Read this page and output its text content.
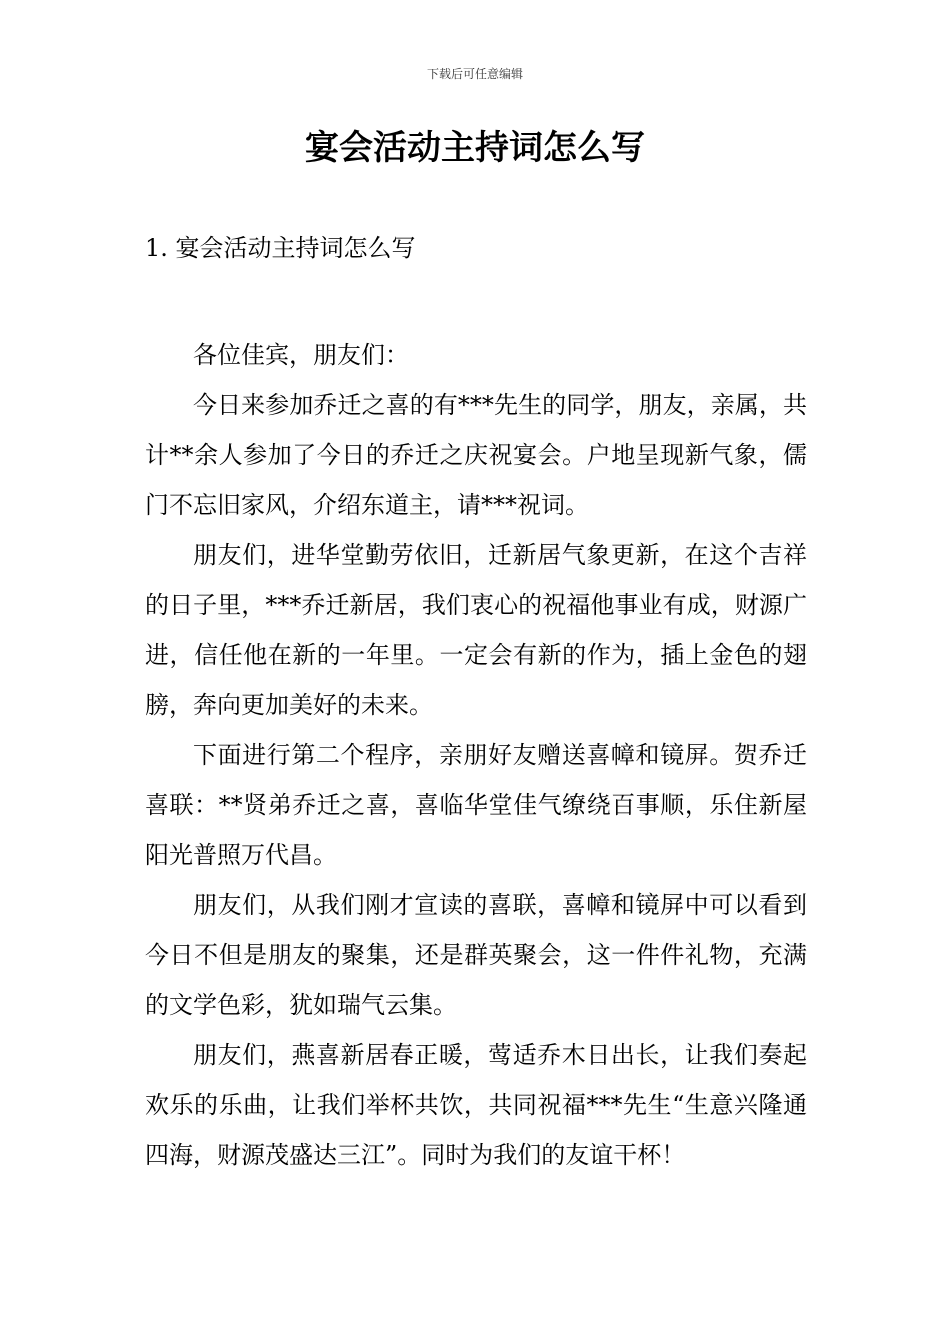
下载后可任意编辑
宴会活动主持词怎么写
1. 宴会活动主持词怎么写

各位佳宾，朋友们：

今日来参加乔迁之喜的有***先生的同学，朋友，亲属，共计**余人参加了今日的乔迁之庆祝宴会。户地呈现新气象，儒门不忘旧家风，介绍东道主，请***祝词。

朋友们，进华堂勤劳依旧，迁新居气象更新，在这个吉祥的日子里，***乔迁新居，我们衷心的祝福他事业有成，财源广进，信任他在新的一年里。一定会有新的作为，插上金色的翅膀，奔向更加美好的未来。

下面进行第二个程序，亲朋好友赠送喜幛和镜屏。贺乔迁喜联：**贤弟乔迁之喜，喜临华堂佳气缭绕百事顺，乐住新屋阳光普照万代昌。

朋友们，从我们刚才宣读的喜联，喜幛和镜屏中可以看到今日不但是朋友的聚集，还是群英聚会，这一件件礼物，充满的文学色彩，犹如瑞气云集。

朋友们，燕喜新居春正暖，莺适乔木日出长，让我们奏起欢乐的乐曲，让我们举杯共饮，共同祝福***先生“生意兴隆通四海，财源茂盛达三江”。同时为我们的友谊干杯！
